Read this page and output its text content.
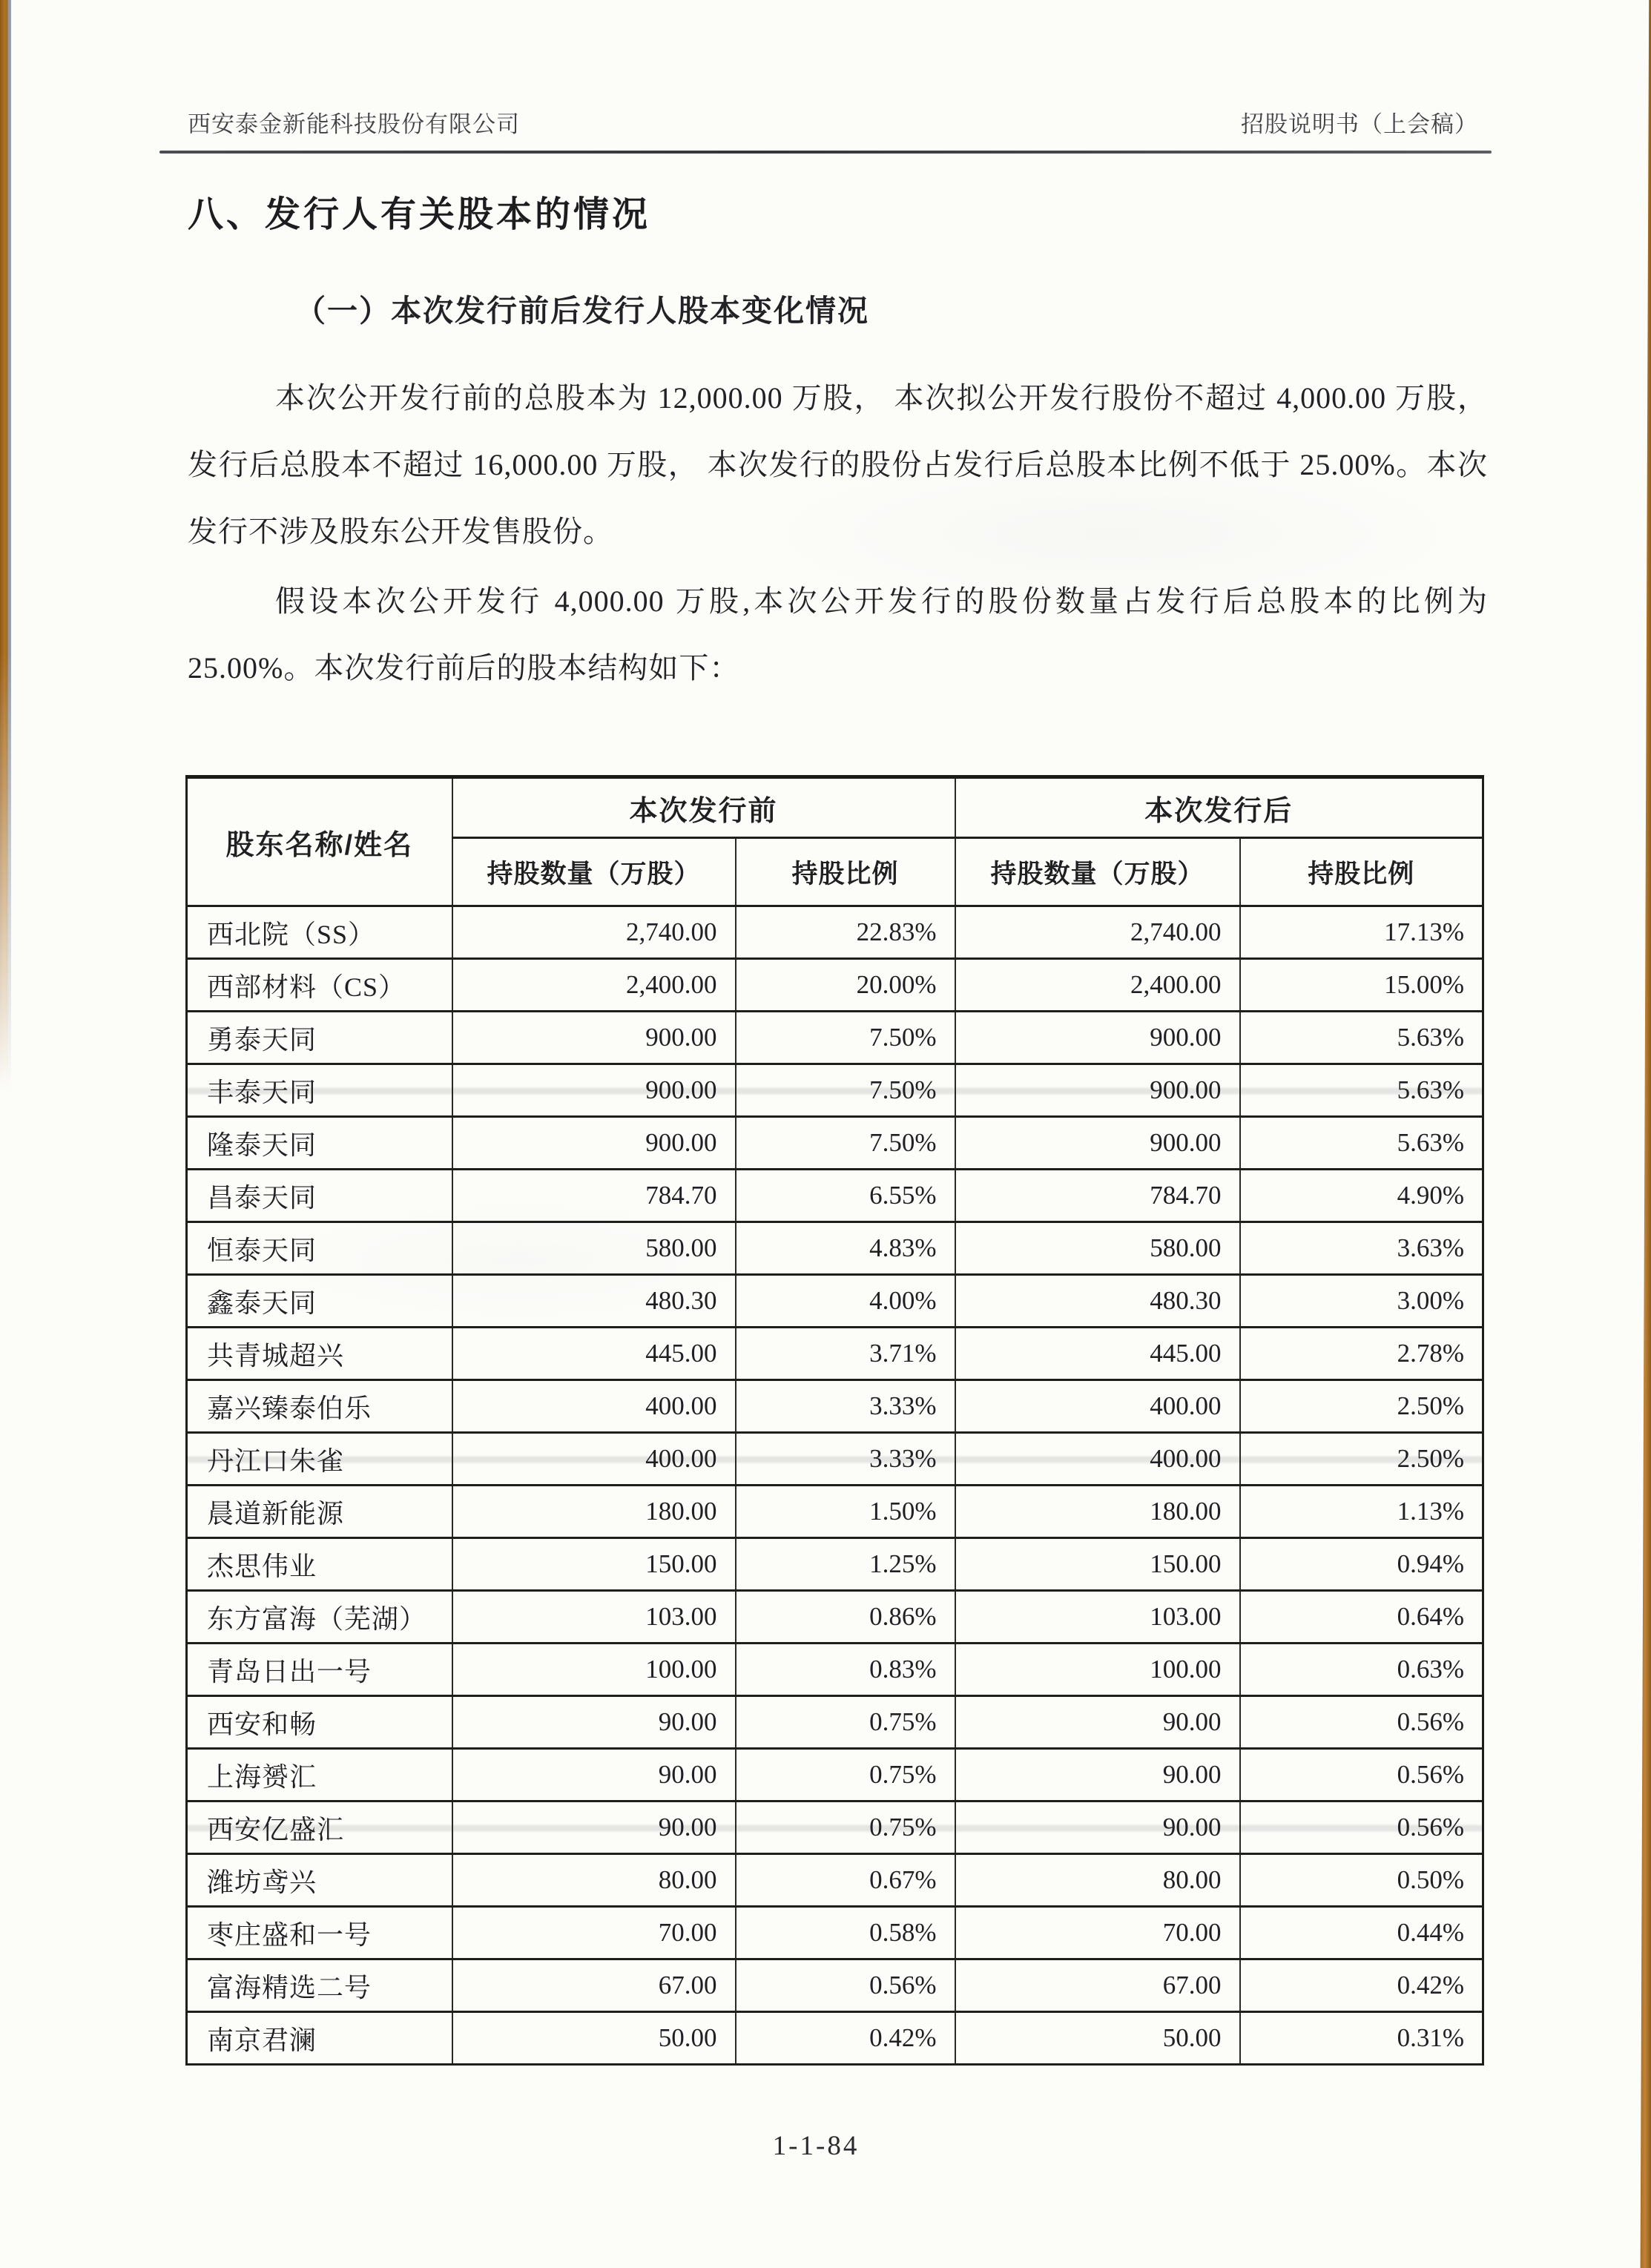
西安泰金新能科技股份有限公司	招股说明书（上会稿）
八、发行人有关股本的情况
（一）本次发行前后发行人股本变化情况

本次公开发行前的总股本为 12,000.00 万股， 本次拟公开发行股份不超过 4,000.00 万股， 发行后总股本不超过 16,000.00 万股， 本次发行的股份占发行后总股本比例不低于 25.00%。本次发行不涉及股东公开发售股份。

假设本次公开发行 4,000.00 万股,本次公开发行的股份数量占发行后总股本的比例为 25.00%。本次发行前后的股本结构如下：

股东名称/姓名	本次发行前		本次发行后	
	持股数量（万股）	持股比例	持股数量（万股）	持股比例
西北院（SS）	2,740.00	22.83%	2,740.00	17.13%
西部材料（CS）	2,400.00	20.00%	2,400.00	15.00%
勇泰天同	900.00	7.50%	900.00	5.63%
丰泰天同	900.00	7.50%	900.00	5.63%
隆泰天同	900.00	7.50%	900.00	5.63%
昌泰天同	784.70	6.55%	784.70	4.90%
恒泰天同	580.00	4.83%	580.00	3.63%
鑫泰天同	480.30	4.00%	480.30	3.00%
共青城超兴	445.00	3.71%	445.00	2.78%
嘉兴臻泰伯乐	400.00	3.33%	400.00	2.50%
丹江口朱雀	400.00	3.33%	400.00	2.50%
晨道新能源	180.00	1.50%	180.00	1.13%
杰思伟业	150.00	1.25%	150.00	0.94%
东方富海（芜湖）	103.00	0.86%	103.00	0.64%
青岛日出一号	100.00	0.83%	100.00	0.63%
西安和畅	90.00	0.75%	90.00	0.56%
上海赟汇	90.00	0.75%	90.00	0.56%
西安亿盛汇	90.00	0.75%	90.00	0.56%
潍坊鸢兴	80.00	0.67%	80.00	0.50%
枣庄盛和一号	70.00	0.58%	70.00	0.44%
富海精选二号	67.00	0.56%	67.00	0.42%
南京君澜	50.00	0.42%	50.00	0.31%
1-1-84
